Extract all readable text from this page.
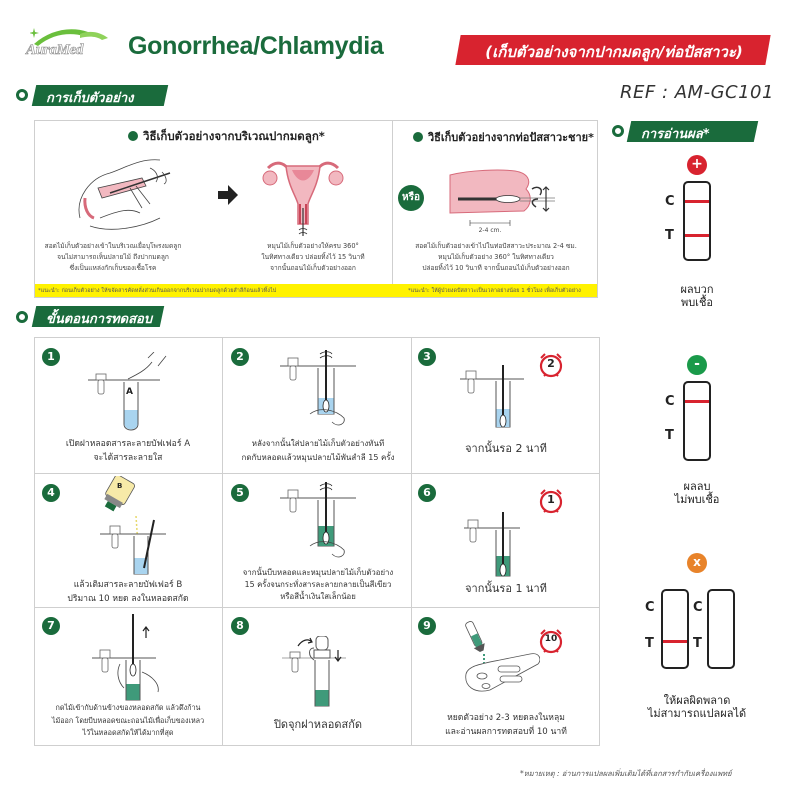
AuraMed Gonorrhea/Chlamydia	(เก็บตัวอย่างจากปากมดลูก/ท่อปัสสาวะ)
REF : AM-GC101
การเก็บตัวอย่าง
วิธีเก็บตัวอย่างจากบริเวณปากมดลูก*
สอดไม้เก็บตัวอย่างเข้าในบริเวณเยื่อบุโพรงมดลูก
จนไม่สามารถเห็นปลายไม้ ถึงปากมดลูก
ซึ่งเป็นแหล่งกักเก็บของเชื้อโรค
หมุนไม้เก็บตัวอย่างให้ครบ 360°
ในทิศทางเดียว ปล่อยทิ้งไว้ 15 วินาที
จากนั้นถอนไม้เก็บตัวอย่างออก
หรือ
วิธีเก็บตัวอย่างจากท่อปัสสาวะชาย*
2-4 cm.
สอดไม้เก็บตัวอย่างเข้าไปในท่อปัสสาวะประมาณ 2-4 ซม.
หมุนไม้เก็บตัวอย่าง 360° ในทิศทางเดียว
ปล่อยทิ้งไว้ 10 วินาที จากนั้นถอนไม้เก็บตัวอย่างออก
*แนะนำ: ก่อนเก็บตัวอย่าง ให้ขจัดสารคัดหลั่งส่วนเกินออกจากบริเวณปากมดลูกด้วยสำลีก้อนแล้วทิ้งไป	*แนะนำ: ให้ผู้ป่วยงดปัสสาวะเป็นเวลาอย่างน้อย 1 ชั่วโมง เพื่อเก็บตัวอย่าง
ขั้นตอนการทดสอบ
1
A
เปิดฝาหลอดสารละลายบัฟเฟอร์ A
จะได้สารละลายใส
2
หลังจากนั้นใส่ปลายไม้เก็บตัวอย่างทันที
กดกับหลอดแล้วหมุนปลายไม้พันสำลี 15 ครั้ง
3
2
จากนั้นรอ 2 นาที
4	B
แล้วเติมสารละลายบัฟเฟอร์ B
ปริมาณ 10 หยด ลงในหลอดสกัด
5
จากนั้นบีบหลอดและหมุนปลายไม้เก็บตัวอย่าง
15 ครั้งจนกระทั่งสารละลายกลายเป็นสีเขียว
หรือสีน้ำเงินใสเล็กน้อย
6
1
จากนั้นรอ 1 นาที
7
กดไม้เข้ากับด้านข้างของหลอดสกัด แล้วดึงก้าน
ไม้ออก โดยบีบหลอดขณะถอนไม้เพื่อเก็บของเหลว
ไว้ในหลอดสกัดให้ได้มากที่สุด
8
ปิดจุกฝาหลอดสกัด
9
10
หยดตัวอย่าง 2-3 หยดลงในหลุม
และอ่านผลการทดสอบที่ 10 นาที
การอ่านผล*
+
C
T
ผลบวก
พบเชื้อ
-
C
T
ผลลบ
ไม่พบเชื้อ
x
C
T
C
T
ให้ผลผิดพลาด
ไม่สามารถแปลผลได้
*หมายเหตุ : อ่านการแปลผลเพิ่มเติมได้ที่เอกสารกำกับเครื่องแพทย์
